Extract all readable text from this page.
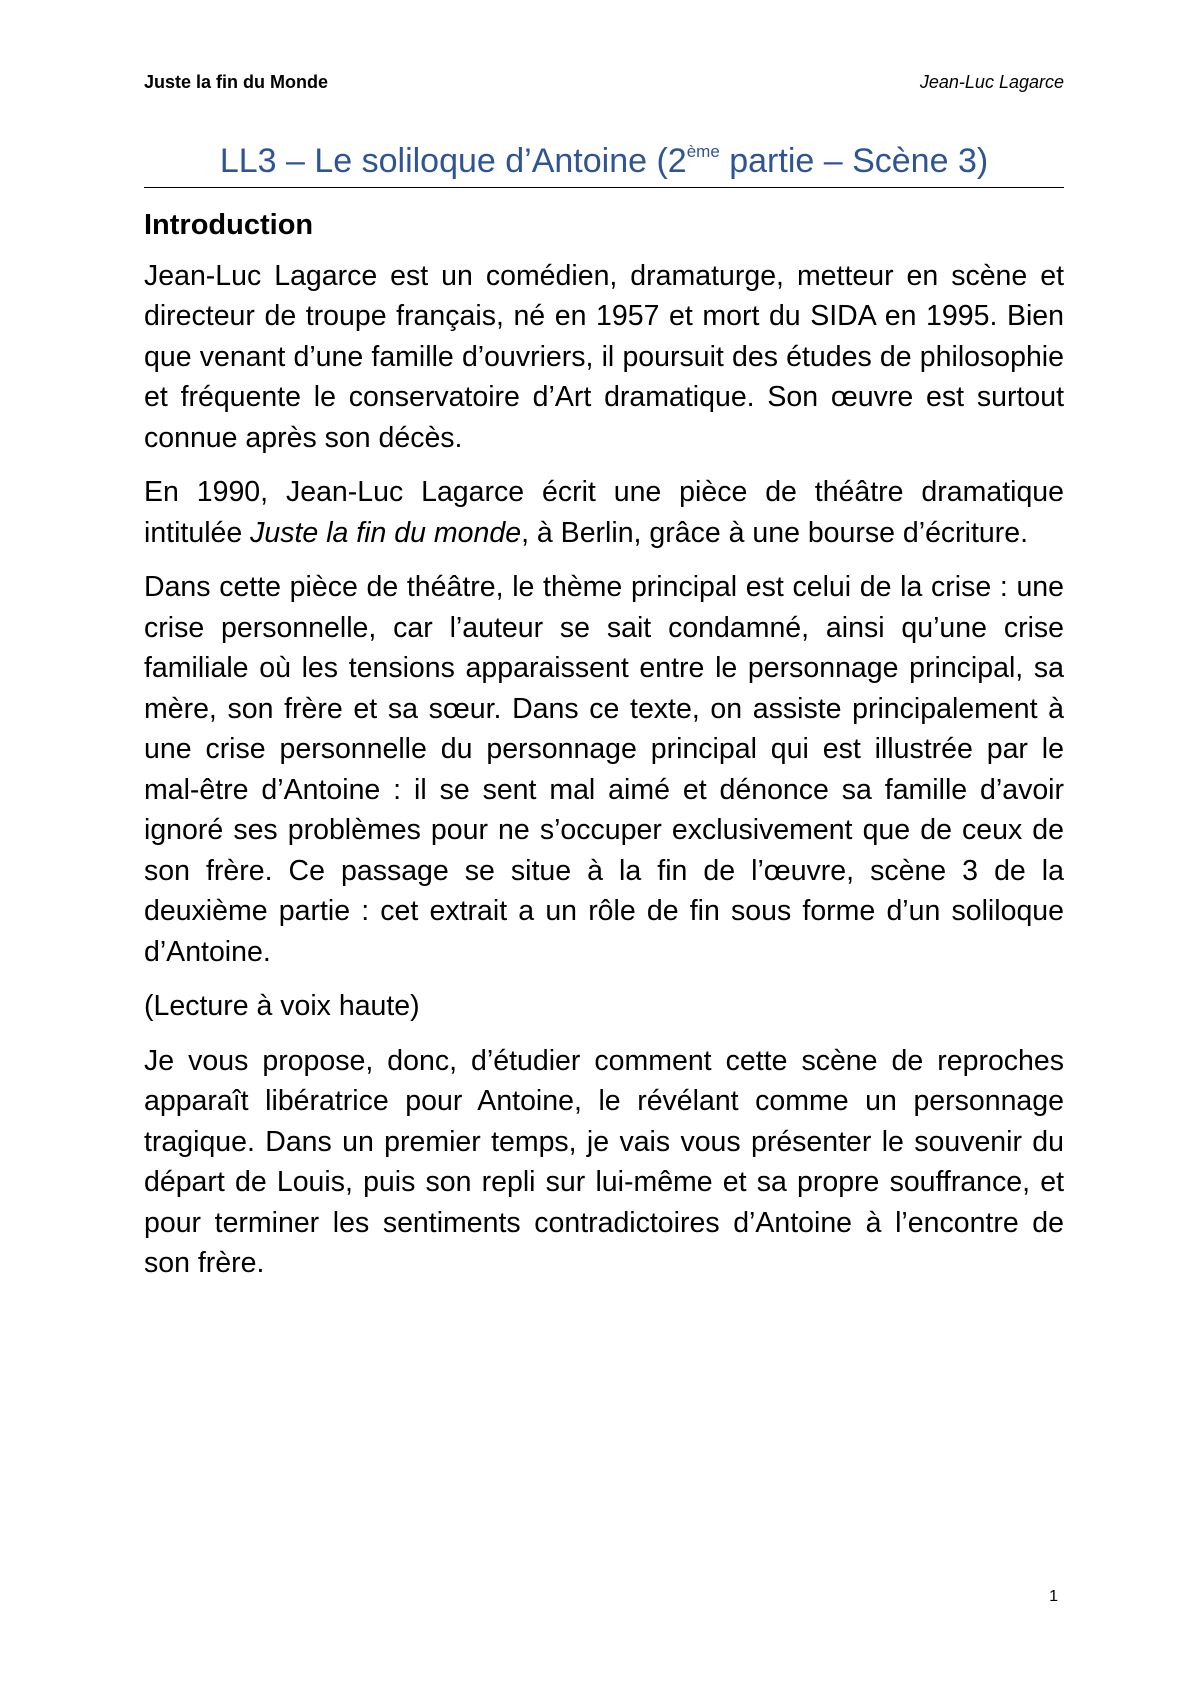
Juste la fin du Monde	Jean-Luc Lagarce
LL3 – Le soliloque d’Antoine (2ème partie – Scène 3)
Introduction

Jean-Luc Lagarce est un comédien, dramaturge, metteur en scène et directeur de troupe français, né en 1957 et mort du SIDA en 1995. Bien que venant d’une famille d’ouvriers, il poursuit des études de philosophie et fréquente le conservatoire d’Art dramatique. Son œuvre est surtout connue après son décès.

En 1990, Jean-Luc Lagarce écrit une pièce de théâtre dramatique intitulée Juste la fin du monde, à Berlin, grâce à une bourse d’écriture.

Dans cette pièce de théâtre, le thème principal est celui de la crise : une crise personnelle, car l’auteur se sait condamné, ainsi qu’une crise familiale où les tensions apparaissent entre le personnage principal, sa mère, son frère et sa sœur. Dans ce texte, on assiste principalement à une crise personnelle du personnage principal qui est illustrée par le mal-être d’Antoine : il se sent mal aimé et dénonce sa famille d’avoir ignoré ses problèmes pour ne s’occuper exclusivement que de ceux de son frère. Ce passage se situe à la fin de l’œuvre, scène 3 de la deuxième partie : cet extrait a un rôle de fin sous forme d’un soliloque d’Antoine.

(Lecture à voix haute)

Je vous propose, donc, d’étudier comment cette scène de reproches apparaît libératrice pour Antoine, le révélant comme un personnage tragique. Dans un premier temps, je vais vous présenter le souvenir du départ de Louis, puis son repli sur lui-même et sa propre souffrance, et pour terminer les sentiments contradictoires d’Antoine à l’encontre de son frère.

1
